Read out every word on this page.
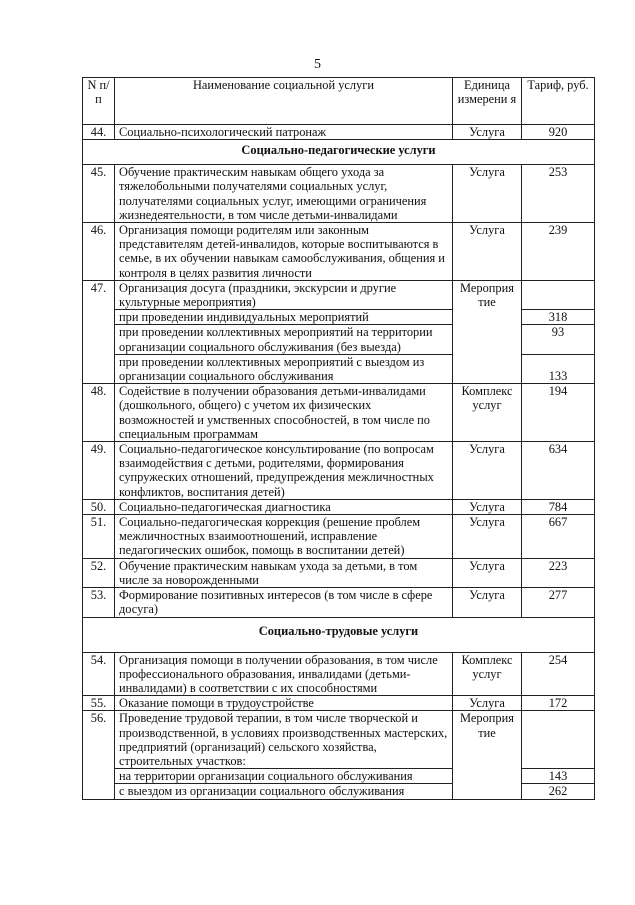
5
N п/п	Наименование социальной услуги	Единица измерени я	Тариф, руб.
44.	Социально-психологический патронаж	Услуга	920
Социально-педагогические услуги			
45.	Обучение практическим навыкам общего ухода за тяжелобольными получателями социальных услуг, получателями социальных услуг, имеющими ограничения жизнедеятельности, в том числе детьми-инвалидами	Услуга	253
46.	Организация помощи родителям или законным представителям детей-инвалидов, которые воспитываются в семье, в их обучении навыкам самообслуживания, общения и контроля в целях развития личности	Услуга	239
47.	Организация досуга (праздники, экскурсии и другие культурные мероприятия)	Мероприя тие	
	при проведении индивидуальных мероприятий		318
	при проведении коллективных мероприятий на территории организации социального обслуживания (без выезда)		93
	при проведении коллективных мероприятий с выездом из организации социального обслуживания		133
48.	Содействие в получении образования детьми-инвалидами (дошкольного, общего) с учетом их физических возможностей и умственных способностей, в том числе по специальным программам	Комплекс услуг	194
49.	Социально-педагогическое консультирование (по вопросам взаимодействия с детьми, родителями, формирования супружеских отношений, предупреждения межличностных конфликтов, воспитания детей)	Услуга	634
50.	Социально-педагогическая диагностика	Услуга	784
51.	Социально-педагогическая коррекция (решение проблем межличностных взаимоотношений, исправление педагогических ошибок, помощь в воспитании детей)	Услуга	667
52.	Обучение практическим навыкам ухода за детьми, в том числе за новорожденными	Услуга	223
53.	Формирование позитивных интересов (в том числе в сфере досуга)	Услуга	277
Социально-трудовые услуги			
54.	Организация помощи в получении образования, в том числе профессионального образования, инвалидами (детьми-инвалидами) в соответствии с их способностями	Комплекс услуг	254
55.	Оказание помощи в трудоустройстве	Услуга	172
56.	Проведение трудовой терапии, в том числе творческой и производственной, в условиях производственных мастерских, предприятий (организаций) сельского хозяйства, строительных участков:	Мероприя тие	
	на территории организации социального обслуживания		143
	с выездом из организации социального обслуживания		262
